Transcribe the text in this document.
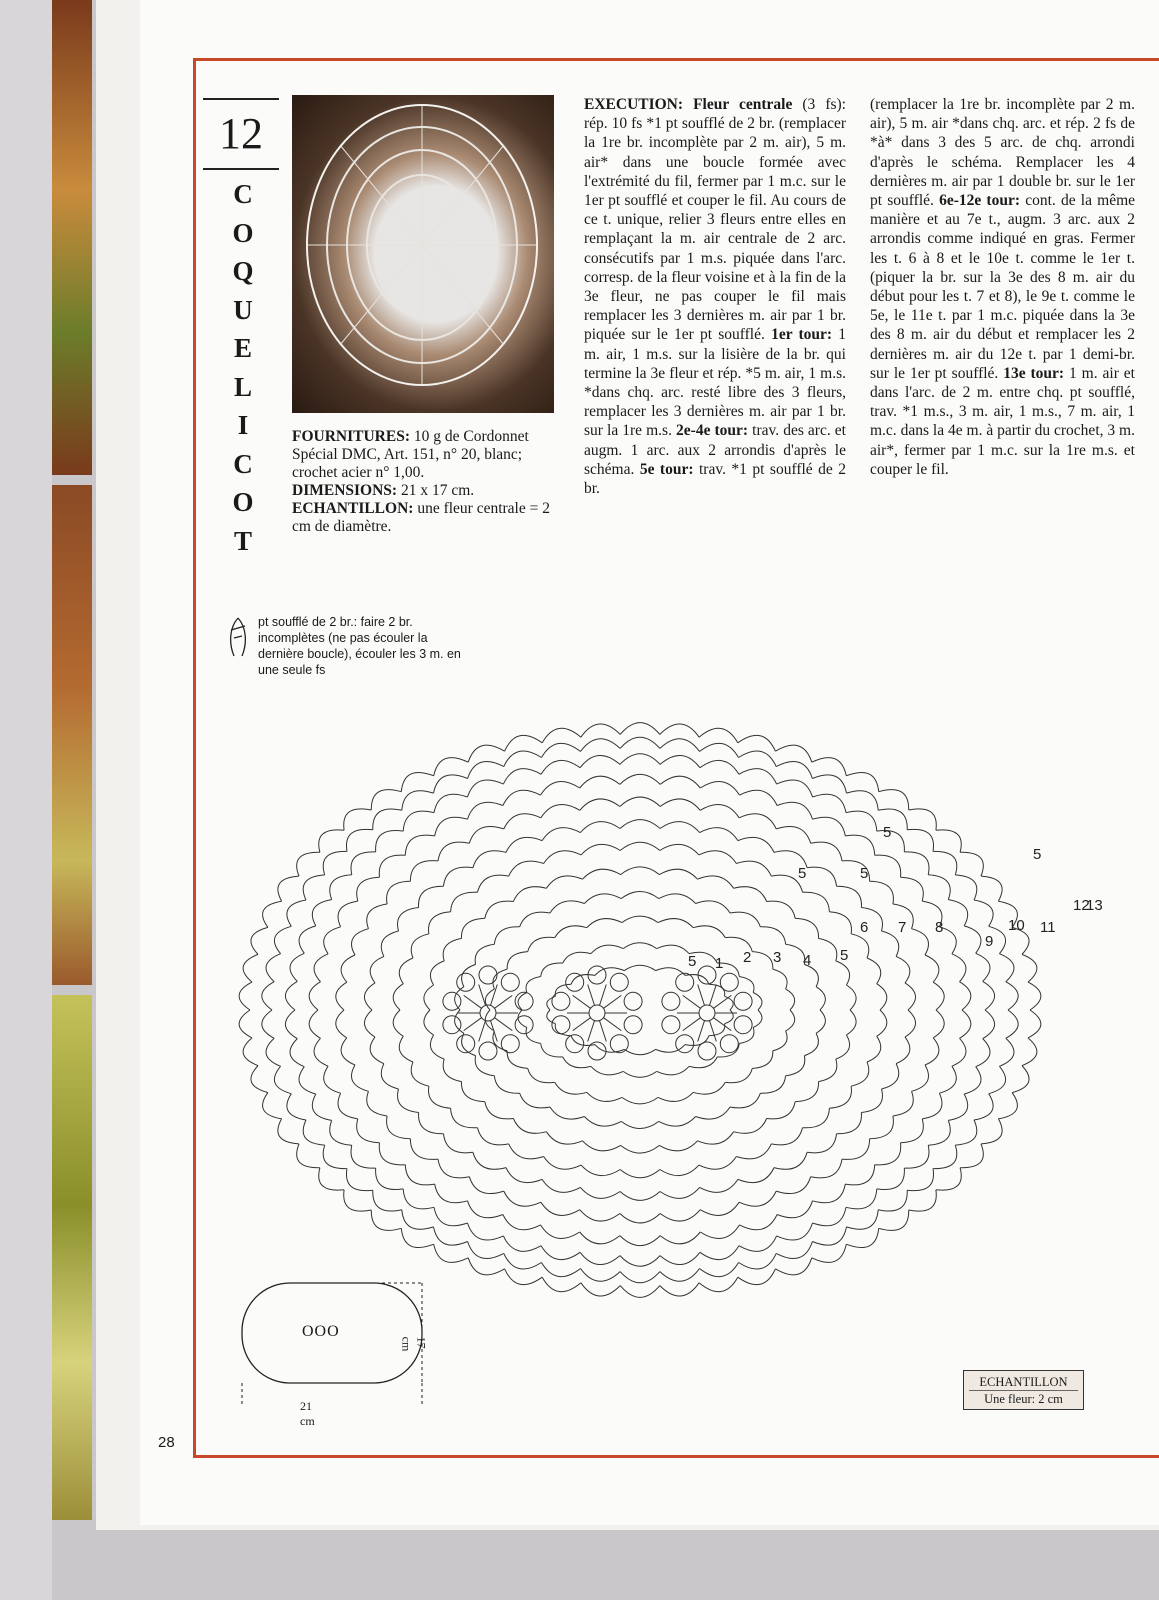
12
C
O
Q
U
E
L
I
C
O
T
FOURNITURES: 10 g de Cordonnet Spécial DMC, Art. 151, n° 20, blanc; crochet acier n° 1,00.
DIMENSIONS: 21 x 17 cm.
ECHANTILLON: une fleur centrale = 2 cm de diamètre.
EXECUTION: Fleur centrale (3 fs): rép. 10 fs *1 pt soufflé de 2 br. (remplacer la 1re br. incomplète par 2 m. air), 5 m. air* dans une boucle formée avec l'extrémité du fil, fermer par 1 m.c. sur le 1er pt soufflé et couper le fil. Au cours de ce t. unique, relier 3 fleurs entre elles en remplaçant la m. air centrale de 2 arc. consécutifs par 1 m.s. piquée dans l'arc. corresp. de la fleur voisine et à la fin de la 3e fleur, ne pas couper le fil mais remplacer les 3 dernières m. air par 1 br. piquée sur le 1er pt soufflé. 1er tour: 1 m. air, 1 m.s. sur la lisière de la br. qui termine la 3e fleur et rép. *5 m. air, 1 m.s. *dans chq. arc. resté libre des 3 fleurs, remplacer les 3 dernières m. air par 1 br. sur la 1re m.s. 2e-4e tour: trav. des arc. et augm. 1 arc. aux 2 arrondis d'après le schéma. 5e tour: trav. *1 pt soufflé de 2 br.
(remplacer la 1re br. incomplète par 2 m. air), 5 m. air *dans chq. arc. et rép. 2 fs de *à* dans 3 des 5 arc. de chq. arrondi d'après le schéma. Remplacer les 4 dernières m. air par 1 double br. sur le 1er pt soufflé. 6e-12e tour: cont. de la même manière et au 7e t., augm. 3 arc. aux 2 arrondis comme indiqué en gras. Fermer les t. 6 à 8 et le 10e t. comme le 1er t. (piquer la br. sur la 3e des 8 m. air du début pour les t. 7 et 8), le 9e t. comme le 5e, le 11e t. par 1 m.c. piquée dans la 3e des 8 m. air du début et remplacer les 2 dernières m. air du 12e t. par 1 demi-br. sur le 1er pt soufflé. 13e tour: 1 m. air et dans l'arc. de 2 m. entre chq. pt soufflé, trav. *1 m.s., 3 m. air, 1 m.s., 7 m. air, 1 m.c. dans la 4e m. à partir du crochet, 3 m. air*, fermer par 1 m.c. sur la 1re m.s. et couper le fil.
pt soufflé de 2 br.: faire 2 br. incomplètes (ne pas écouler la dernière boucle), écouler les 3 m. en une seule fs
1 2 3 4 5
5
5	5
5
5
6 7 8
9
10 11
12
13
OOO
21 cm
17 cm
ECHANTILLON
Une fleur: 2 cm
28
